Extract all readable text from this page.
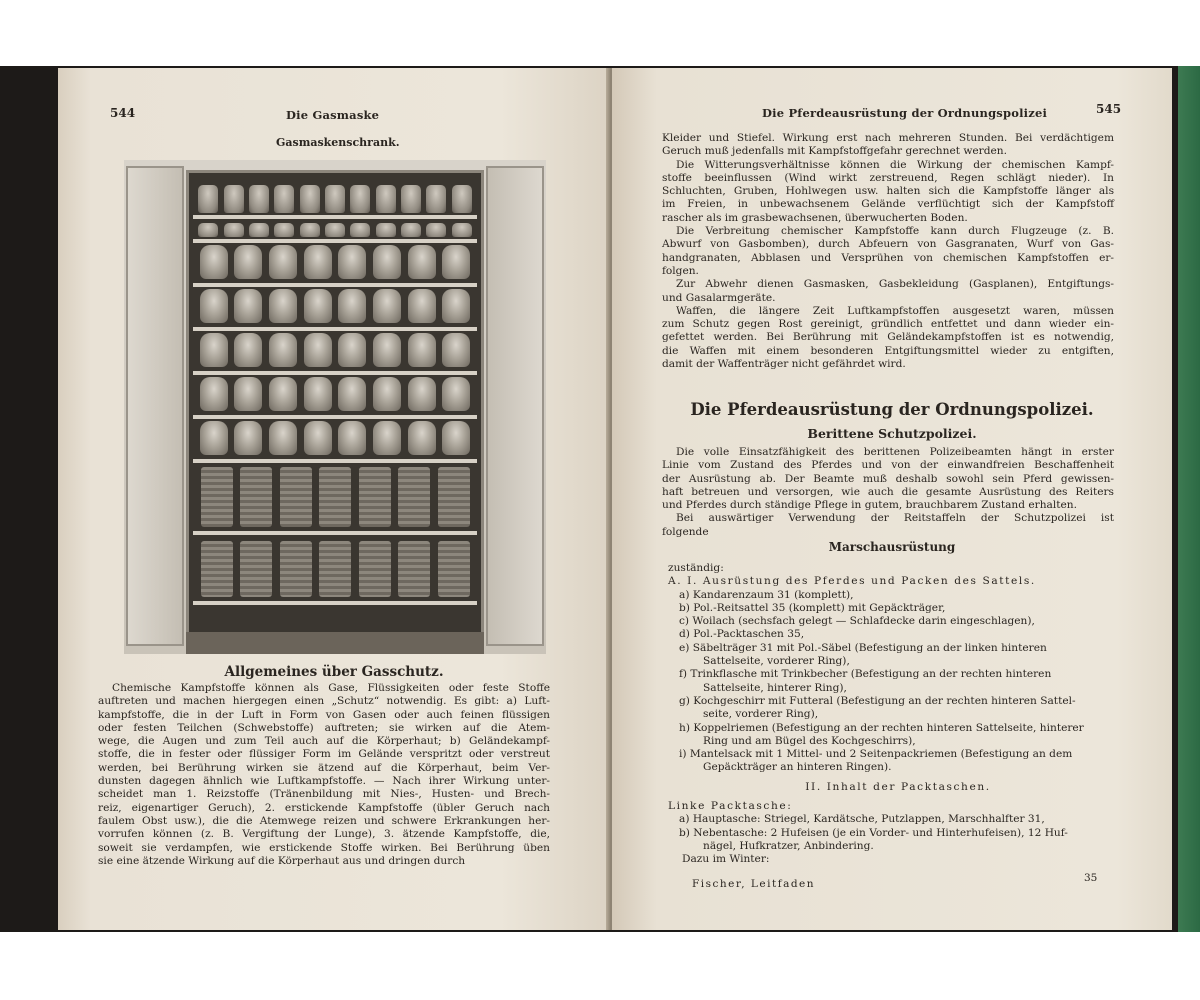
544	Die Gasmaske
Gasmaskenschrank.
Allgemeines über Gasschutz.
Chemische Kampfstoffe können als Gase, Flüssigkeiten oder feste Stoffe
auftreten und machen hiergegen einen „Schutz“ notwendig. Es gibt: a) Luft-
kampfstoffe, die in der Luft in Form von Gasen oder auch feinen flüssigen
oder festen Teilchen (Schwebstoffe) auftreten; sie wirken auf die Atem-
wege, die Augen und zum Teil auch auf die Körperhaut; b) Geländekampf-
stoffe, die in fester oder flüssiger Form im Gelände verspritzt oder verstreut
werden, bei Berührung wirken sie ätzend auf die Körperhaut, beim Ver-
dunsten dagegen ähnlich wie Luftkampfstoffe. — Nach ihrer Wirkung unter-
scheidet man 1. Reizstoffe (Tränenbildung mit Nies-, Husten- und Brech-
reiz, eigenartiger Geruch), 2. erstickende Kampfstoffe (übler Geruch nach
faulem Obst usw.), die die Atemwege reizen und schwere Erkrankungen her-
vorrufen können (z. B. Vergiftung der Lunge), 3. ätzende Kampfstoffe, die,
soweit sie verdampfen, wie erstickende Stoffe wirken. Bei Berührung üben
sie eine ätzende Wirkung auf die Körperhaut aus und dringen durch
Die Pferdeausrüstung der Ordnungspolizei	545
Kleider und Stiefel. Wirkung erst nach mehreren Stunden. Bei verdächtigem
Geruch muß jedenfalls mit Kampfstoffgefahr gerechnet werden.
Die Witterungsverhältnisse können die Wirkung der chemischen Kampf-
stoffe beeinflussen (Wind wirkt zerstreuend, Regen schlägt nieder). In
Schluchten, Gruben, Hohlwegen usw. halten sich die Kampfstoffe länger als
im Freien, in unbewachsenem Gelände verflüchtigt sich der Kampfstoff
rascher als im grasbewachsenen, überwucherten Boden.
Die Verbreitung chemischer Kampfstoffe kann durch Flugzeuge (z. B.
Abwurf von Gasbomben), durch Abfeuern von Gasgranaten, Wurf von Gas-
handgranaten, Abblasen und Versprühen von chemischen Kampfstoffen er-
folgen.
Zur Abwehr dienen Gasmasken, Gasbekleidung (Gasplanen), Entgiftungs-
und Gasalarmgeräte.
Waffen, die längere Zeit Luftkampfstoffen ausgesetzt waren, müssen
zum Schutz gegen Rost gereinigt, gründlich entfettet und dann wieder ein-
gefettet werden. Bei Berührung mit Geländekampfstoffen ist es notwendig,
die Waffen mit einem besonderen Entgiftungsmittel wieder zu entgiften,
damit der Waffenträger nicht gefährdet wird.
Die Pferdeausrüstung der Ordnungspolizei.
Berittene Schutzpolizei.
Die volle Einsatzfähigkeit des berittenen Polizeibeamten hängt in erster
Linie vom Zustand des Pferdes und von der einwandfreien Beschaffenheit
der Ausrüstung ab. Der Beamte muß deshalb sowohl sein Pferd gewissen-
haft betreuen und versorgen, wie auch die gesamte Ausrüstung des Reiters
und Pferdes durch ständige Pflege in gutem, brauchbarem Zustand erhalten.
Bei auswärtiger Verwendung der Reitstaffeln der Schutzpolizei ist
folgende
Marschausrüstung
zuständig:
A. I. Ausrüstung des Pferdes und Packen des Sattels.
a) Kandarenzaum 31 (komplett),
b) Pol.-Reitsattel 35 (komplett) mit Gepäckträger,
c) Woilach (sechsfach gelegt — Schlafdecke darin eingeschlagen),
d) Pol.-Packtaschen 35,
e) Säbelträger 31 mit Pol.-Säbel (Befestigung an der linken hinteren
Sattelseite, vorderer Ring),
f) Trinkflasche mit Trinkbecher (Befestigung an der rechten hinteren
Sattelseite, hinterer Ring),
g) Kochgeschirr mit Futteral (Befestigung an der rechten hinteren Sattel-
seite, vorderer Ring),
h) Koppelriemen (Befestigung an der rechten hinteren Sattelseite, hinterer
Ring und am Bügel des Kochgeschirrs),
i) Mantelsack mit 1 Mittel- und 2 Seitenpackriemen (Befestigung an dem
Gepäckträger an hinteren Ringen).
II. Inhalt der Packtaschen.
Linke Packtasche:
a) Hauptasche: Striegel, Kardätsche, Putzlappen, Marschhalfter 31,
b) Nebentasche: 2 Hufeisen (je ein Vorder- und Hinterhufeisen), 12 Huf-
nägel, Hufkratzer, Anbindering.
Dazu im Winter:
Fischer, Leitfaden	35
